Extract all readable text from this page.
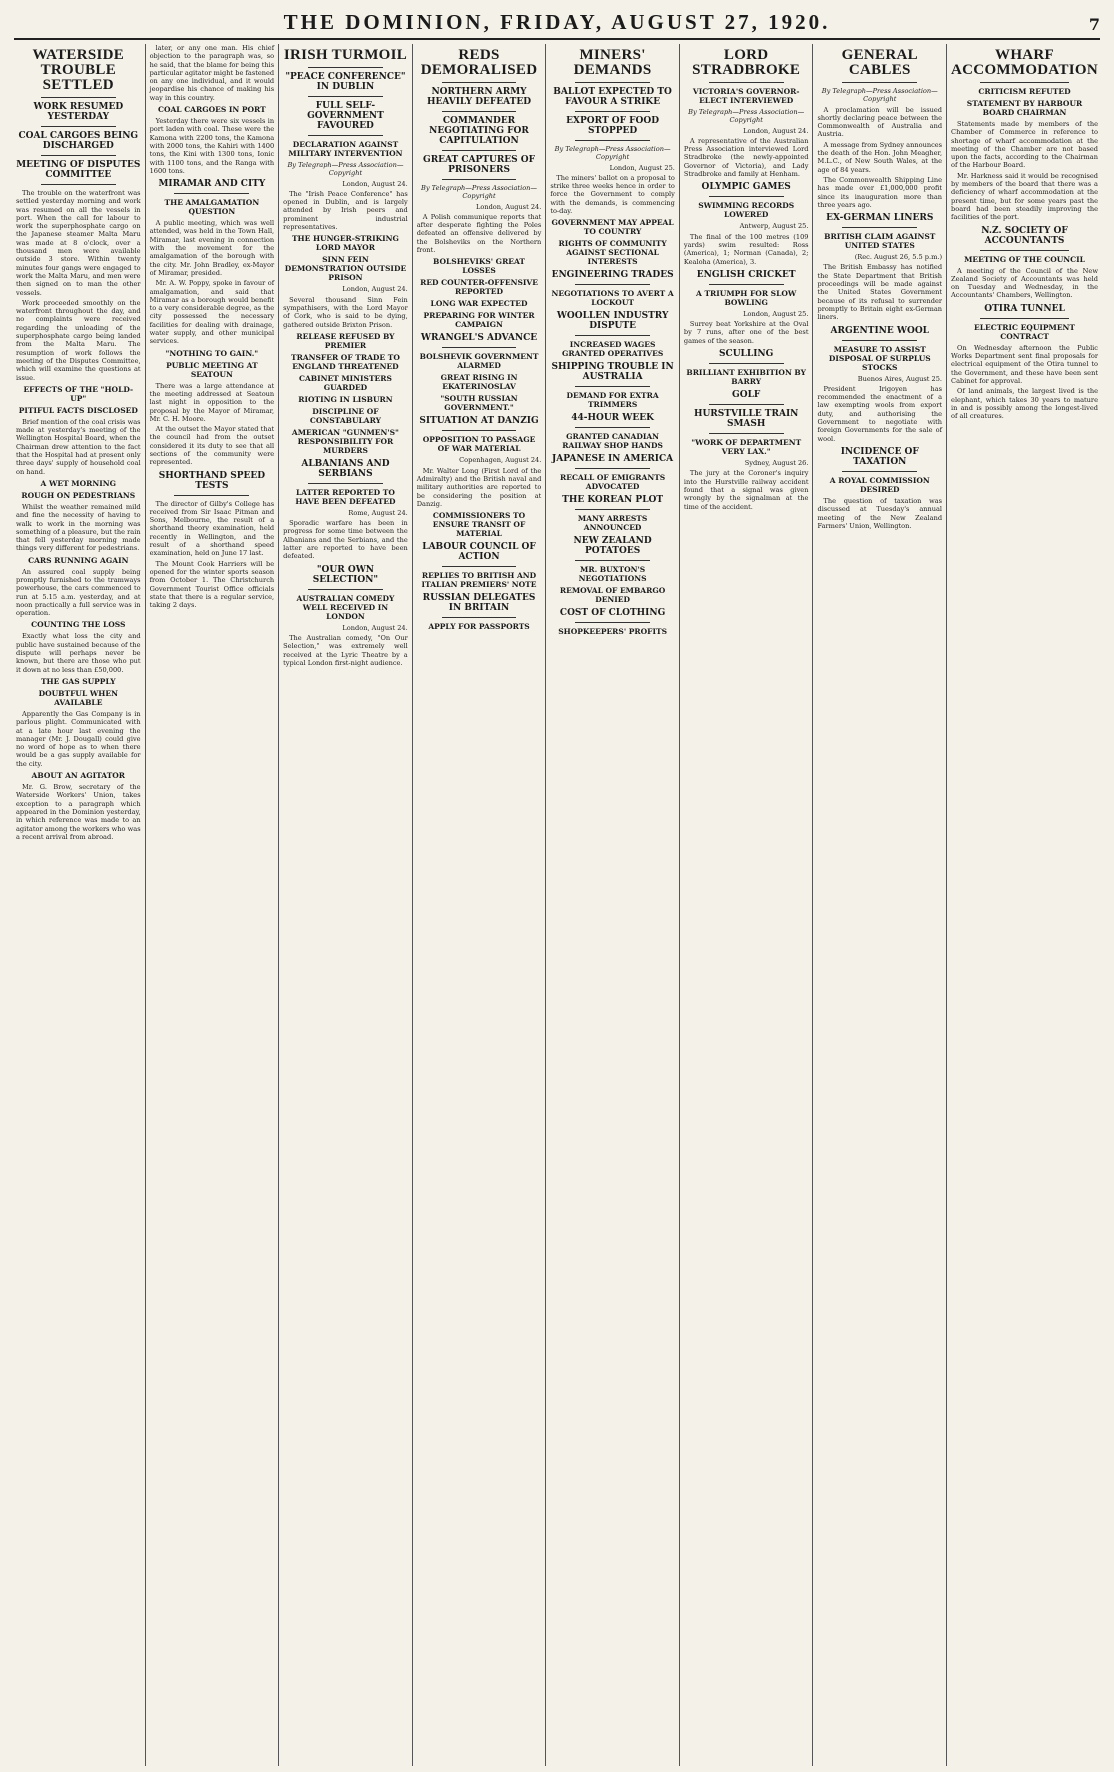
THE DOMINION, FRIDAY, AUGUST 27, 1920.	7
WATERSIDE TROUBLE SETTLED
WORK RESUMED YESTERDAY
COAL CARGOES BEING DISCHARGED
MEETING OF DISPUTES COMMITTEE

The trouble on the waterfront was settled yesterday morning and work was resumed on all the vessels in port. When the call for labour to work the superphosphate cargo on the Japanese steamer Malta Maru was made at 8 o'clock, over a thousand men were available outside 3 store. Within twenty minutes four gangs were engaged to work the Malta Maru, and men were then signed on to man the other vessels.

Work proceeded smoothly on the waterfront throughout the day, and no complaints were received regarding the unloading of the superphosphate cargo being landed from the Malta Maru. The resumption of work follows the meeting of the Disputes Committee, which will examine the questions at issue.

EFFECTS OF THE "HOLD-UP"
PITIFUL FACTS DISCLOSED

Brief mention of the coal crisis was made at yesterday's meeting of the Wellington Hospital Board, when the Chairman drew attention to the fact that the Hospital had at present only three days' supply of household coal on hand.

A WET MORNING
ROUGH ON PEDESTRIANS

Whilst the weather remained mild and fine the necessity of having to walk to work in the morning was something of a pleasure, but the rain that fell yesterday morning made things very different for pedestrians.

CARS RUNNING AGAIN

An assured coal supply being promptly furnished to the tramways powerhouse, the cars commenced to run at 5.15 a.m. yesterday, and at noon practically a full service was in operation.

COUNTING THE LOSS

Exactly what loss the city and public have sustained because of the dispute will perhaps never be known, but there are those who put it down at no less than £50,000.

THE GAS SUPPLY
DOUBTFUL WHEN AVAILABLE

Apparently the Gas Company is in parlous plight. Communicated with at a late hour last evening the manager (Mr. J. Dougall) could give no word of hope as to when there would be a gas supply available for the city.

ABOUT AN AGITATOR

Mr. G. Brow, secretary of the Waterside Workers' Union, takes exception to a paragraph which appeared in the Dominion yesterday, in which reference was made to an agitator among the workers who was a recent arrival from abroad.

later, or any one man. His chief objection to the paragraph was, so he said, that the blame for being this particular agitator might be fastened on any one individual, and it would jeopardise his chance of making his way in this country.

COAL CARGOES IN PORT

Yesterday there were six vessels in port laden with coal. These were the Kamona with 2200 tons, the Kamona with 2000 tons, the Kahiri with 1400 tons, the Kini with 1300 tons, Ionic with 1100 tons, and the Ranga with 1600 tons.

MIRAMAR AND CITY
THE AMALGAMATION QUESTION

A public meeting, which was well attended, was held in the Town Hall, Miramar, last evening in connection with the movement for the amalgamation of the borough with the city. Mr. John Bradley, ex-Mayor of Miramar, presided.

Mr. A. W. Poppy, spoke in favour of amalgamation, and said that Miramar as a borough would benefit to a very considerable degree, as the city possessed the necessary facilities for dealing with drainage, water supply, and other municipal services.

"NOTHING TO GAIN."
PUBLIC MEETING AT SEATOUN

There was a large attendance at the meeting addressed at Seatoun last night in opposition to the proposal by the Mayor of Miramar, Mr. C. H. Moore.

At the outset the Mayor stated that the council had from the outset considered it its duty to see that all sections of the community were represented.

SHORTHAND SPEED TESTS

The director of Gilby's College has received from Sir Isaac Pitman and Sons, Melbourne, the result of a shorthand theory examination, held recently in Wellington, and the result of a shorthand speed examination, held on June 17 last.

The Mount Cook Harriers will be opened for the winter sports season from October 1. The Christchurch Government Tourist Office officials state that there is a regular service, taking 2 days.

IRISH TURMOIL
"PEACE CONFERENCE" IN DUBLIN
FULL SELF-GOVERNMENT FAVOURED
DECLARATION AGAINST MILITARY INTERVENTION
By Telegraph—Press Association—Copyright
London, August 24.

The "Irish Peace Conference" has opened in Dublin, and is largely attended by Irish peers and prominent industrial representatives.

THE HUNGER-STRIKING LORD MAYOR
SINN FEIN DEMONSTRATION OUTSIDE PRISON
London, August 24.

Several thousand Sinn Fein sympathisers, with the Lord Mayor of Cork, who is said to be dying, gathered outside Brixton Prison.

RELEASE REFUSED BY PREMIER
TRANSFER OF TRADE TO ENGLAND THREATENED
CABINET MINISTERS GUARDED
RIOTING IN LISBURN
DISCIPLINE OF CONSTABULARY
AMERICAN "GUNMEN'S" RESPONSIBILITY FOR MURDERS
ALBANIANS AND SERBIANS
LATTER REPORTED TO HAVE BEEN DEFEATED
Rome, August 24.

Sporadic warfare has been in progress for some time between the Albanians and the Serbians, and the latter are reported to have been defeated.

"OUR OWN SELECTION"
AUSTRALIAN COMEDY WELL RECEIVED IN LONDON
London, August 24.

The Australian comedy, "On Our Selection," was extremely well received at the Lyric Theatre by a typical London first-night audience.

REDS DEMORALISED
NORTHERN ARMY HEAVILY DEFEATED
COMMANDER NEGOTIATING FOR CAPITULATION
GREAT CAPTURES OF PRISONERS
By Telegraph—Press Association—Copyright
London, August 24.

A Polish communique reports that after desperate fighting the Poles defeated an offensive delivered by the Bolsheviks on the Northern front.

BOLSHEVIKS' GREAT LOSSES
RED COUNTER-OFFENSIVE REPORTED
LONG WAR EXPECTED
PREPARING FOR WINTER CAMPAIGN
WRANGEL'S ADVANCE
BOLSHEVIK GOVERNMENT ALARMED
GREAT RISING IN EKATERINOSLAV
"SOUTH RUSSIAN GOVERNMENT."
SITUATION AT DANZIG
OPPOSITION TO PASSAGE OF WAR MATERIAL
Copenhagen, August 24.

Mr. Walter Long (First Lord of the Admiralty) and the British naval and military authorities are reported to be considering the position at Danzig.

COMMISSIONERS TO ENSURE TRANSIT OF MATERIAL
LABOUR COUNCIL OF ACTION
REPLIES TO BRITISH AND ITALIAN PREMIERS' NOTE
RUSSIAN DELEGATES IN BRITAIN
APPLY FOR PASSPORTS
MINERS' DEMANDS
BALLOT EXPECTED TO FAVOUR A STRIKE
EXPORT OF FOOD STOPPED
By Telegraph—Press Association—Copyright
London, August 25.

The miners' ballot on a proposal to strike three weeks hence in order to force the Government to comply with the demands, is commencing to-day.

GOVERNMENT MAY APPEAL TO COUNTRY
RIGHTS OF COMMUNITY AGAINST SECTIONAL INTERESTS
ENGINEERING TRADES
NEGOTIATIONS TO AVERT A LOCKOUT
WOOLLEN INDUSTRY DISPUTE
INCREASED WAGES GRANTED OPERATIVES
SHIPPING TROUBLE IN AUSTRALIA
DEMAND FOR EXTRA TRIMMERS
44-HOUR WEEK
GRANTED CANADIAN RAILWAY SHOP HANDS
JAPANESE IN AMERICA
RECALL OF EMIGRANTS ADVOCATED
THE KOREAN PLOT
MANY ARRESTS ANNOUNCED
NEW ZEALAND POTATOES
MR. BUXTON'S NEGOTIATIONS
REMOVAL OF EMBARGO DENIED
COST OF CLOTHING
SHOPKEEPERS' PROFITS
LORD STRADBROKE
VICTORIA'S GOVERNOR-ELECT INTERVIEWED
By Telegraph—Press Association—Copyright
London, August 24.

A representative of the Australian Press Association interviewed Lord Stradbroke (the newly-appointed Governor of Victoria), and Lady Stradbroke and family at Henham.

OLYMPIC GAMES
SWIMMING RECORDS LOWERED
Antwerp, August 25.

The final of the 100 metres (109 yards) swim resulted: Ross (America), 1; Norman (Canada), 2; Kealoha (America), 3.

ENGLISH CRICKET
A TRIUMPH FOR SLOW BOWLING
London, August 25.

Surrey beat Yorkshire at the Oval by 7 runs, after one of the best games of the season.

SCULLING
BRILLIANT EXHIBITION BY BARRY
GOLF
HURSTVILLE TRAIN SMASH
"WORK OF DEPARTMENT VERY LAX."
Sydney, August 26.

The jury at the Coroner's inquiry into the Hurstville railway accident found that a signal was given wrongly by the signalman at the time of the accident.

GENERAL CABLES
By Telegraph—Press Association—Copyright

A proclamation will be issued shortly declaring peace between the Commonwealth of Australia and Austria.

A message from Sydney announces the death of the Hon. John Meagher, M.L.C., of New South Wales, at the age of 84 years.

The Commonwealth Shipping Line has made over £1,000,000 profit since its inauguration more than three years ago.

EX-GERMAN LINERS
BRITISH CLAIM AGAINST UNITED STATES
(Rec. August 26, 5.5 p.m.)

The British Embassy has notified the State Department that British proceedings will be made against the United States Government because of its refusal to surrender promptly to Britain eight ex-German liners.

ARGENTINE WOOL
MEASURE TO ASSIST DISPOSAL OF SURPLUS STOCKS
Buenos Aires, August 25.

President Irigoyen has recommended the enactment of a law exempting wools from export duty, and authorising the Government to negotiate with foreign Governments for the sale of wool.

INCIDENCE OF TAXATION
A ROYAL COMMISSION DESIRED

The question of taxation was discussed at Tuesday's annual meeting of the New Zealand Farmers' Union, Wellington.

WHARF ACCOMMODATION
CRITICISM REFUTED
STATEMENT BY HARBOUR BOARD CHAIRMAN

Statements made by members of the Chamber of Commerce in reference to shortage of wharf accommodation at the meeting of the Chamber are not based upon the facts, according to the Chairman of the Harbour Board.

Mr. Harkness said it would be recognised by members of the board that there was a deficiency of wharf accommodation at the present time, but for some years past the board had been steadily improving the facilities of the port.

N.Z. SOCIETY OF ACCOUNTANTS
MEETING OF THE COUNCIL

A meeting of the Council of the New Zealand Society of Accountants was held on Tuesday and Wednesday, in the Accountants' Chambers, Wellington.

OTIRA TUNNEL
ELECTRIC EQUIPMENT CONTRACT

On Wednesday afternoon the Public Works Department sent final proposals for electrical equipment of the Otira tunnel to the Government, and these have been sent Cabinet for approval.

Of land animals, the largest lived is the elephant, which takes 30 years to mature in and is possibly among the longest-lived of all creatures.
